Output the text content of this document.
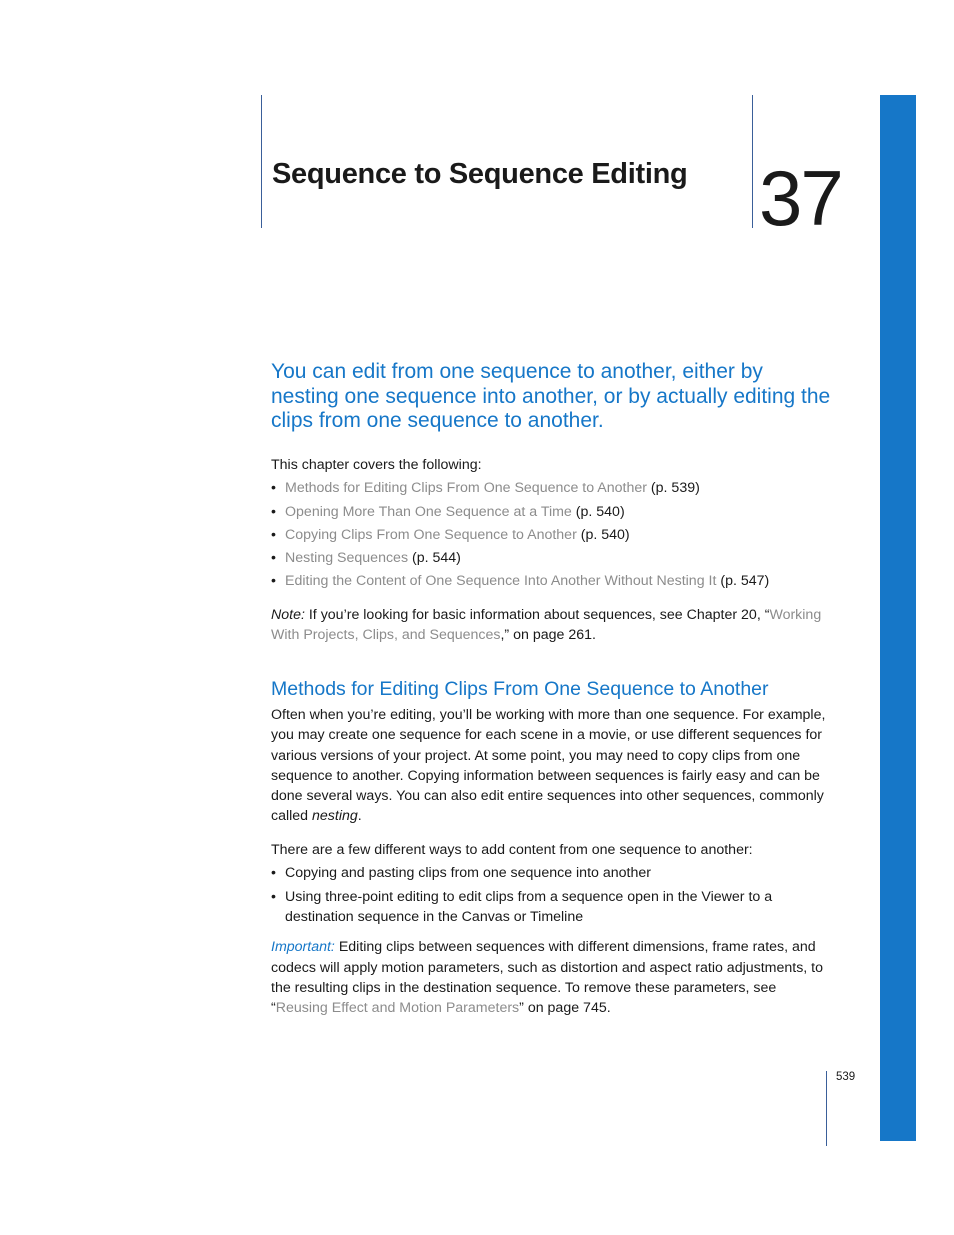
Sequence to Sequence Editing 37
You can edit from one sequence to another, either by nesting one sequence into another, or by actually editing the clips from one sequence to another.

This chapter covers the following:

• Methods for Editing Clips From One Sequence to Another (p. 539)
• Opening More Than One Sequence at a Time (p. 540)
• Copying Clips From One Sequence to Another (p. 540)
• Nesting Sequences (p. 544)
• Editing the Content of One Sequence Into Another Without Nesting It (p. 547)

Note: If you’re looking for basic information about sequences, see Chapter 20, “Working With Projects, Clips, and Sequences,” on page 261.

Methods for Editing Clips From One Sequence to Another

Often when you’re editing, you’ll be working with more than one sequence. For example, you may create one sequence for each scene in a movie, or use different sequences for various versions of your project. At some point, you may need to copy clips from one sequence to another. Copying information between sequences is fairly easy and can be done several ways. You can also edit entire sequences into other sequences, commonly called nesting.

There are a few different ways to add content from one sequence to another:

• Copying and pasting clips from one sequence into another
• Using three-point editing to edit clips from a sequence open in the Viewer to a destination sequence in the Canvas or Timeline

Important: Editing clips between sequences with different dimensions, frame rates, and codecs will apply motion parameters, such as distortion and aspect ratio adjustments, to the resulting clips in the destination sequence. To remove these parameters, see “Reusing Effect and Motion Parameters” on page 745.

539
